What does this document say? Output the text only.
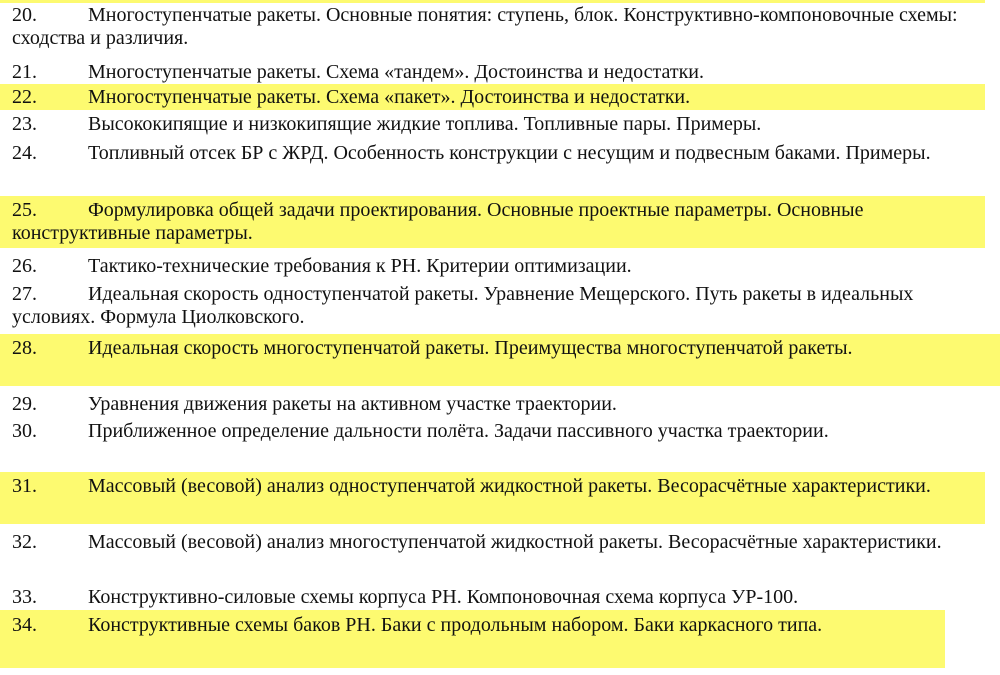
20.	Многоступенчатые ракеты. Основные понятия: ступень, блок. Конструктивно-компоновочные схемы: сходства и различия.

21.	Многоступенчатые ракеты. Схема «тандем». Достоинства и недостатки.

22.	Многоступенчатые ракеты. Схема «пакет». Достоинства и недостатки.

23.	Высококипящие и низкокипящие жидкие топлива. Топливные пары. Примеры.

24.	Топливный отсек БР с ЖРД. Особенность конструкции с несущим и подвесным баками. Примеры.

25.	Формулировка общей задачи проектирования. Основные проектные параметры. Основные конструктивные параметры.

26.	Тактико-технические требования к РН. Критерии оптимизации.

27.	Идеальная скорость одноступенчатой ракеты. Уравнение Мещерского. Путь ракеты в идеальных условиях. Формула Циолковского.

28.	Идеальная скорость многоступенчатой ракеты. Преимущества многоступенчатой ракеты.

29.	Уравнения движения ракеты на активном участке траектории.

30.	Приближенное определение дальности полёта. Задачи пассивного участка траектории.

31.	Массовый (весовой) анализ одноступенчатой жидкостной ракеты. Весорасчётные характеристики.

32.	Массовый (весовой) анализ многоступенчатой жидкостной ракеты. Весорасчётные характеристики.

33.	Конструктивно-силовые схемы корпуса РН. Компоновочная схема корпуса УР-100.

34.	Конструктивные схемы баков РН. Баки с продольным набором. Баки каркасного типа.
